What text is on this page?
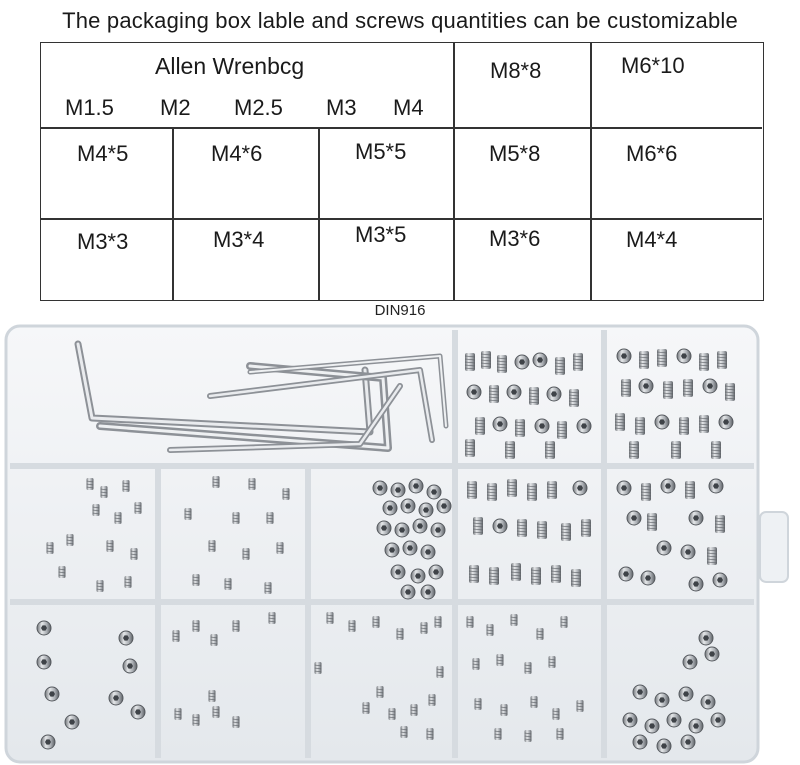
The packaging box lable and screws quantities can be customizable
Allen Wrenbcg
M1.5 M2 M2.5 M3 M4
M8*8	M6*10
M4*5	M4*6	M5*5	M5*8	M6*6
M3*3	M3*4	M3*5	M3*6	M4*4
DIN916
